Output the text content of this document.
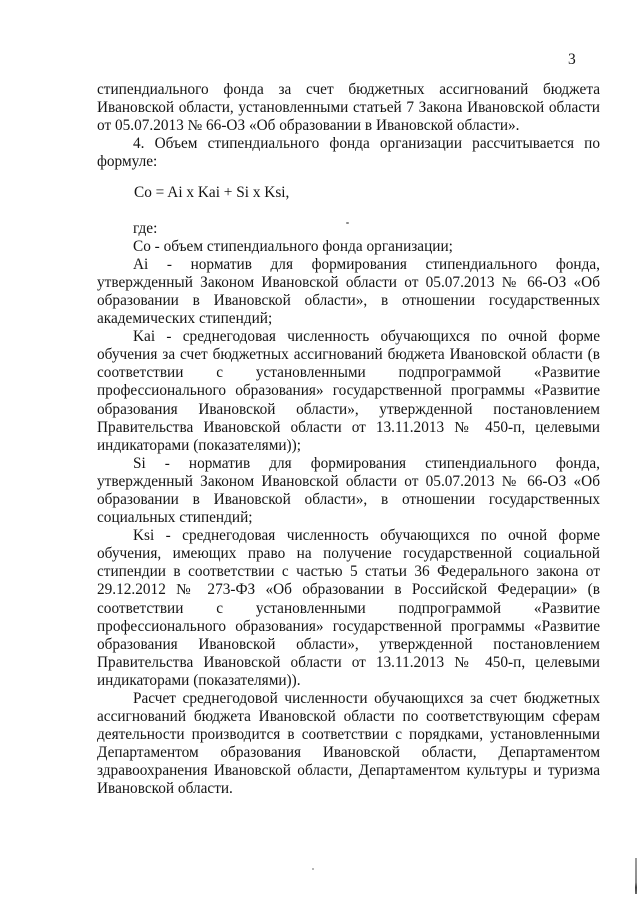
3

стипендиального фонда за счет бюджетных ассигнований бюджета Ивановской области, установленными статьей 7 Закона Ивановской области от 05.07.2013 № 66-ОЗ «Об образовании в Ивановской области».

4. Объем стипендиального фонда организации рассчитывается по формуле:

Co = Ai x Kai + Si x Ksi,

где:

Co - объем стипендиального фонда организации;

Ai - норматив для формирования стипендиального фонда, утвержденный Законом Ивановской области от 05.07.2013 № 66-ОЗ «Об образовании в Ивановской области», в отношении государственных академических стипендий;

Kai - среднегодовая численность обучающихся по очной форме обучения за счет бюджетных ассигнований бюджета Ивановской области (в соответствии с установленными подпрограммой «Развитие профессионального образования» государственной программы «Развитие образования Ивановской области», утвержденной постановлением Правительства Ивановской области от 13.11.2013 № 450-п, целевыми индикаторами (показателями));

Si - норматив для формирования стипендиального фонда, утвержденный Законом Ивановской области от 05.07.2013 № 66-ОЗ «Об образовании в Ивановской области», в отношении государственных социальных стипендий;

Ksi - среднегодовая численность обучающихся по очной форме обучения, имеющих право на получение государственной социальной стипендии в соответствии с частью 5 статьи 36 Федерального закона от 29.12.2012 № 273-ФЗ «Об образовании в Российской Федерации» (в соответствии с установленными подпрограммой «Развитие профессионального образования» государственной программы «Развитие образования Ивановской области», утвержденной постановлением Правительства Ивановской области от 13.11.2013 № 450-п, целевыми индикаторами (показателями)).

Расчет среднегодовой численности обучающихся за счет бюджетных ассигнований бюджета Ивановской области по соответствующим сферам деятельности производится в соответствии с порядками, установленными Департаментом образования Ивановской области, Департаментом здравоохранения Ивановской области, Департаментом культуры и туризма Ивановской области.
